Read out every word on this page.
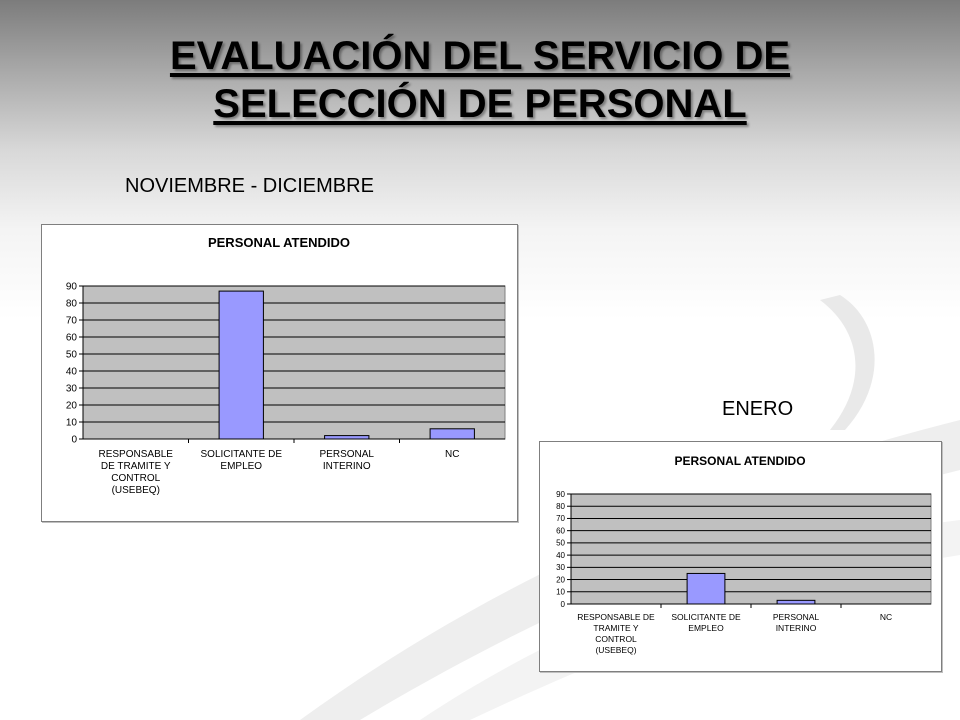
EVALUACIÓN DEL SERVICIO DE
SELECCIÓN DE PERSONAL
NOVIEMBRE - DICIEMBRE
ENERO
PERSONAL ATENDIDO
0
10
20
30
40
50
60
70
80
90
RESPONSABLE
DE TRAMITE Y
CONTROL
(USEBEQ)
SOLICITANTE DE
EMPLEO
PERSONAL
INTERINO
NC	PERSONAL ATENDIDO
0
10
20
30
40
50
60
70
80
90
RESPONSABLE DE
TRAMITE Y
CONTROL
(USEBEQ)
SOLICITANTE DE
EMPLEO
PERSONAL
INTERINO
NC
